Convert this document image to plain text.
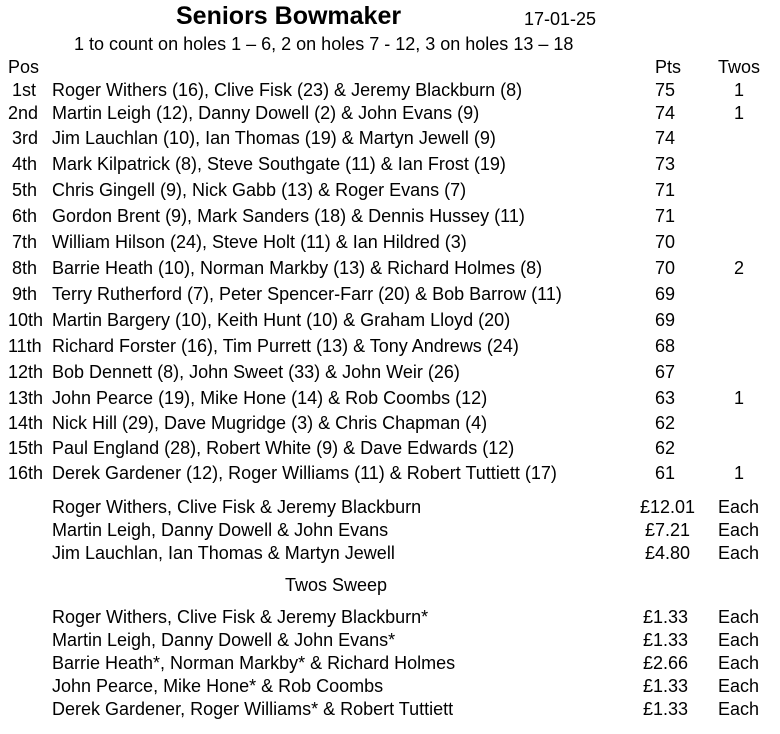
Seniors Bowmaker	17-01-25
1 to count on holes 1 – 6, 2 on holes 7 - 12, 3 on holes 13 – 18
Pos	Pts Twos
1st Roger Withers (16), Clive Fisk (23) & Jeremy Blackburn (8)	75	1
2nd Martin Leigh (12), Danny Dowell (2) & John Evans (9)	74	1
3rd Jim Lauchlan (10), Ian Thomas (19) & Martyn Jewell (9)	74
4th Mark Kilpatrick (8), Steve Southgate (11) & Ian Frost (19)	73
5th Chris Gingell (9), Nick Gabb (13) & Roger Evans (7)	71
6th Gordon Brent (9), Mark Sanders (18) & Dennis Hussey (11)	71
7th William Hilson (24), Steve Holt (11) & Ian Hildred (3)	70
8th Barrie Heath (10), Norman Markby (13) & Richard Holmes (8)	70	2
9th Terry Rutherford (7), Peter Spencer-Farr (20) & Bob Barrow (11)	69
10th Martin Bargery (10), Keith Hunt (10) & Graham Lloyd (20)	69
11th Richard Forster (16), Tim Purrett (13) & Tony Andrews (24)	68
12th Bob Dennett (8), John Sweet (33) & John Weir (26)	67
13th John Pearce (19), Mike Hone (14) & Rob Coombs (12)	63	1
14th Nick Hill (29), Dave Mugridge (3) & Chris Chapman (4)	62
15th Paul England (28), Robert White (9) & Dave Edwards (12)	62
16th Derek Gardener (12), Roger Williams (11) & Robert Tuttiett (17)	61	1
Roger Withers, Clive Fisk & Jeremy Blackburn	£12.01 Each
Martin Leigh, Danny Dowell & John Evans	£7.21 Each
Jim Lauchlan, Ian Thomas & Martyn Jewell	£4.80 Each
Twos Sweep
Roger Withers, Clive Fisk & Jeremy Blackburn*	£1.33 Each
Martin Leigh, Danny Dowell & John Evans*	£1.33 Each
Barrie Heath*, Norman Markby* & Richard Holmes	£2.66 Each
John Pearce, Mike Hone* & Rob Coombs	£1.33 Each
Derek Gardener, Roger Williams* & Robert Tuttiett	£1.33 Each
